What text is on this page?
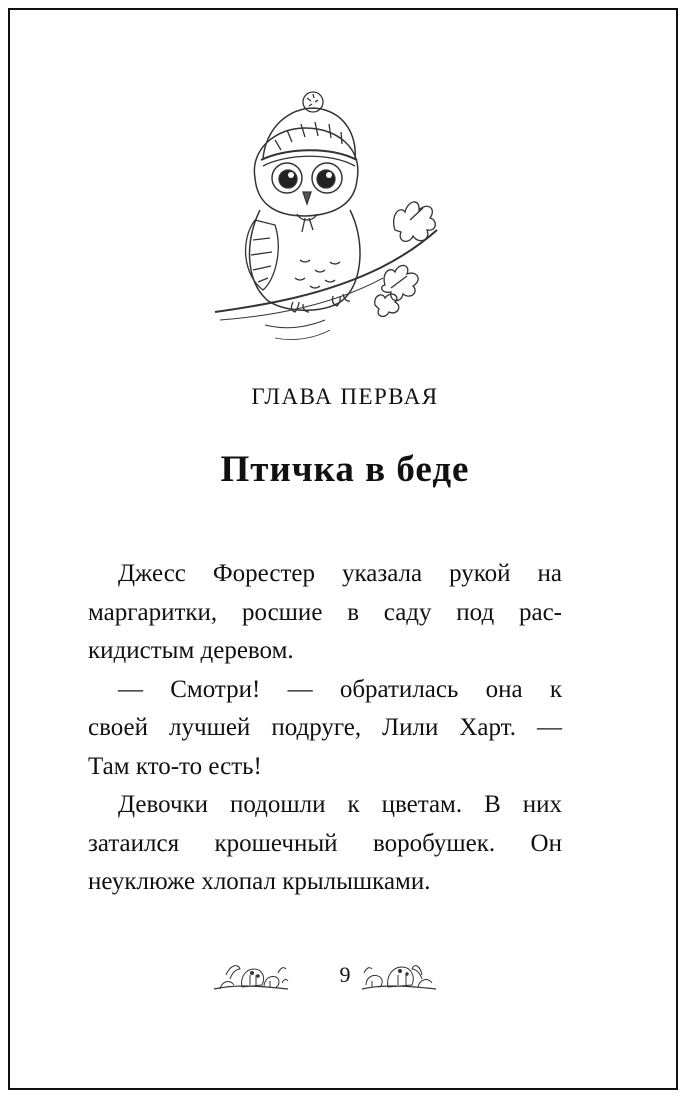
ГЛАВА ПЕРВАЯ
Птичка в беде

Джесс Форестер указала рукой на
маргаритки, росшие в саду под рас-
кидистым деревом.

— Смотри! — обратилась она к
своей лучшей подруге, Лили Харт. —
Там кто-то есть!

Девочки подошли к цветам. В них
затаился крошечный воробушек. Он
неуклюже хлопал крылышками.

9
